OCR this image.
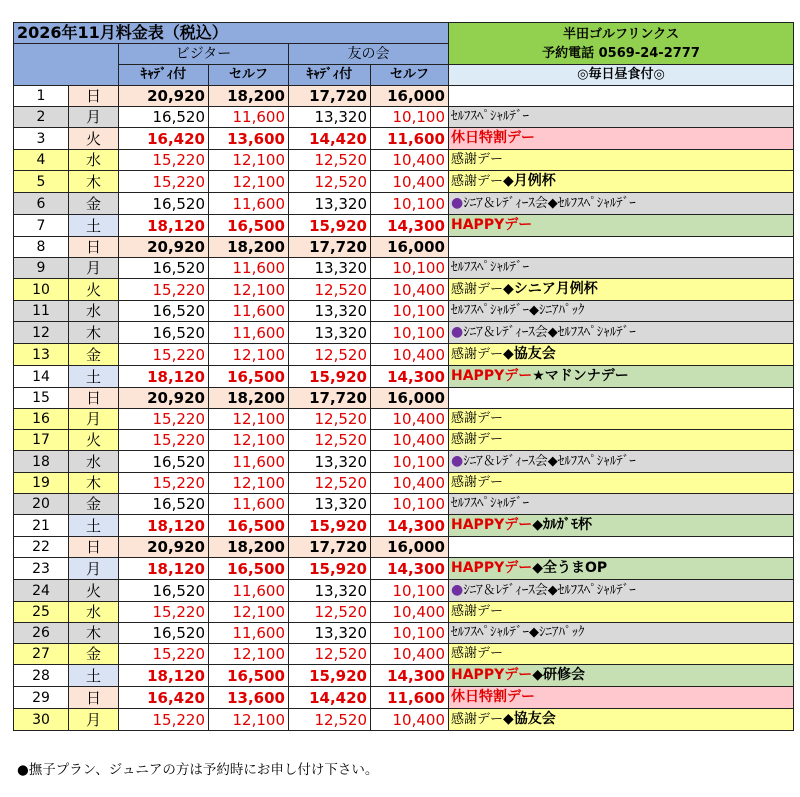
2026年11月料金表（税込）						半田ゴルフリンクス
予約電話 0569-24-2777

		ビジター		友の会		
		ｷｬﾃﾞｨ付	セルフ	ｷｬﾃﾞｨ付	セルフ	◎毎日昼食付◎
1	日	20,920	18,200	17,720	16,000	
2	月	16,520	11,600	13,320	10,100	ｾﾙﾌｽﾍﾟｼｬﾙﾃﾞｰ
3	火	16,420	13,600	14,420	11,600	休日特割デー
4	水	15,220	12,100	12,520	10,400	感謝デー
5	木	15,220	12,100	12,520	10,400	感謝デー◆月例杯
6	金	16,520	11,600	13,320	10,100	●ｼﾆｱ＆ﾚﾃﾞｨｰｽ会◆ｾﾙﾌｽﾍﾟｼｬﾙﾃﾞｰ
7	土	18,120	16,500	15,920	14,300	HAPPYデー
8	日	20,920	18,200	17,720	16,000	
9	月	16,520	11,600	13,320	10,100	ｾﾙﾌｽﾍﾟｼｬﾙﾃﾞｰ
10	火	15,220	12,100	12,520	10,400	感謝デー◆シニア月例杯
11	水	16,520	11,600	13,320	10,100	ｾﾙﾌｽﾍﾟｼｬﾙﾃﾞｰ◆ｼﾆｱﾊﾟｯｸ
12	木	16,520	11,600	13,320	10,100	●ｼﾆｱ＆ﾚﾃﾞｨｰｽ会◆ｾﾙﾌｽﾍﾟｼｬﾙﾃﾞｰ
13	金	15,220	12,100	12,520	10,400	感謝デー◆協友会
14	土	18,120	16,500	15,920	14,300	HAPPYデー★マドンナデー
15	日	20,920	18,200	17,720	16,000	
16	月	15,220	12,100	12,520	10,400	感謝デー
17	火	15,220	12,100	12,520	10,400	感謝デー
18	水	16,520	11,600	13,320	10,100	●ｼﾆｱ＆ﾚﾃﾞｨｰｽ会◆ｾﾙﾌｽﾍﾟｼｬﾙﾃﾞｰ
19	木	15,220	12,100	12,520	10,400	感謝デー
20	金	16,520	11,600	13,320	10,100	ｾﾙﾌｽﾍﾟｼｬﾙﾃﾞｰ
21	土	18,120	16,500	15,920	14,300	HAPPYデー◆ｶﾙｶﾞﾓ杯
22	日	20,920	18,200	17,720	16,000	
23	月	18,120	16,500	15,920	14,300	HAPPYデー◆全うまOP
24	火	16,520	11,600	13,320	10,100	●ｼﾆｱ＆ﾚﾃﾞｨｰｽ会◆ｾﾙﾌｽﾍﾟｼｬﾙﾃﾞｰ
25	水	15,220	12,100	12,520	10,400	感謝デー
26	木	16,520	11,600	13,320	10,100	ｾﾙﾌｽﾍﾟｼｬﾙﾃﾞｰ◆ｼﾆｱﾊﾟｯｸ
27	金	15,220	12,100	12,520	10,400	感謝デー
28	土	18,120	16,500	15,920	14,300	HAPPYデー◆研修会
29	日	16,420	13,600	14,420	11,600	休日特割デー
30	月	15,220	12,100	12,520	10,400	感謝デー◆協友会
●撫子プラン、ジュニアの方は予約時にお申し付け下さい。
